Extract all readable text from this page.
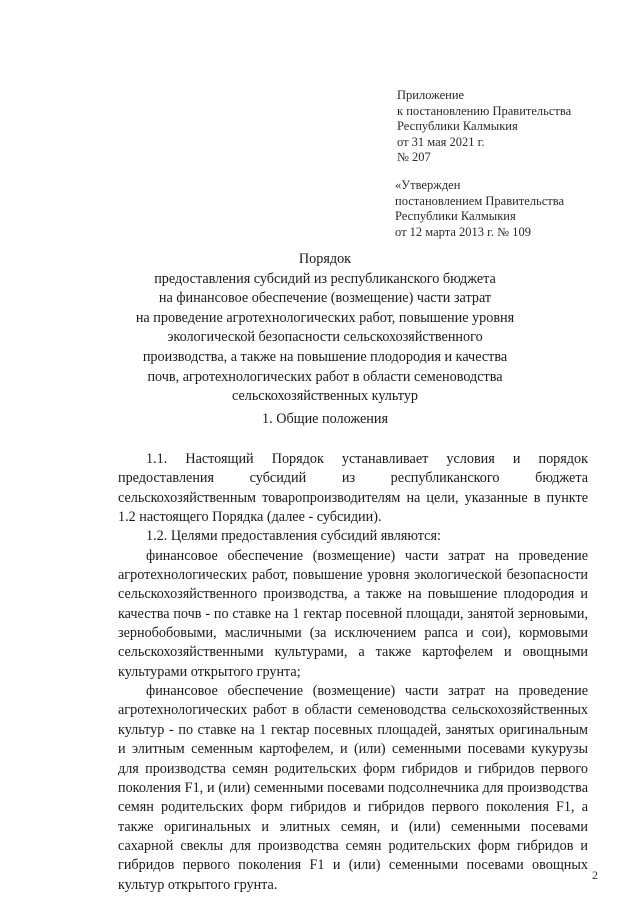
Приложение
к постановлению Правительства
Республики Калмыкия
от 31 мая 2021 г.
№ 207
«Утвержден
постановлением Правительства
Республики Калмыкия
от 12 марта 2013 г. № 109
Порядок
предоставления субсидий из республиканского бюджета
на финансовое обеспечение (возмещение) части затрат
на проведение агротехнологических работ, повышение уровня
экологической безопасности сельскохозяйственного
производства, а также на повышение плодородия и качества
почв, агротехнологических работ в области семеноводства
сельскохозяйственных культур
1. Общие положения

1.1. Настоящий Порядок устанавливает условия и порядок предоставления субсидий из республиканского бюджета сельскохозяйственным товаропроизводителям на цели, указанные в пункте 1.2 настоящего Порядка (далее - субсидии).

1.2. Целями предоставления субсидий являются:

финансовое обеспечение (возмещение) части затрат на проведение агротехнологических работ, повышение уровня экологической безопасности сельскохозяйственного производства, а также на повышение плодородия и качества почв - по ставке на 1 гектар посевной площади, занятой зерновыми, зернобобовыми, масличными (за исключением рапса и сои), кормовыми сельскохозяйственными культурами, а также картофелем и овощными культурами открытого грунта;

финансовое обеспечение (возмещение) части затрат на проведение агротехнологических работ в области семеноводства сельскохозяйственных культур - по ставке на 1 гектар посевных площадей, занятых оригинальным и элитным семенным картофелем, и (или) семенными посевами кукурузы для производства семян родительских форм гибридов и гибридов первого поколения F1, и (или) семенными посевами подсолнечника для производства семян родительских форм гибридов и гибридов первого поколения F1, а также оригинальных и элитных семян, и (или) семенными посевами сахарной свеклы для производства семян родительских форм гибридов и гибридов первого поколения F1 и (или) семенными посевами овощных культур открытого грунта.

2
